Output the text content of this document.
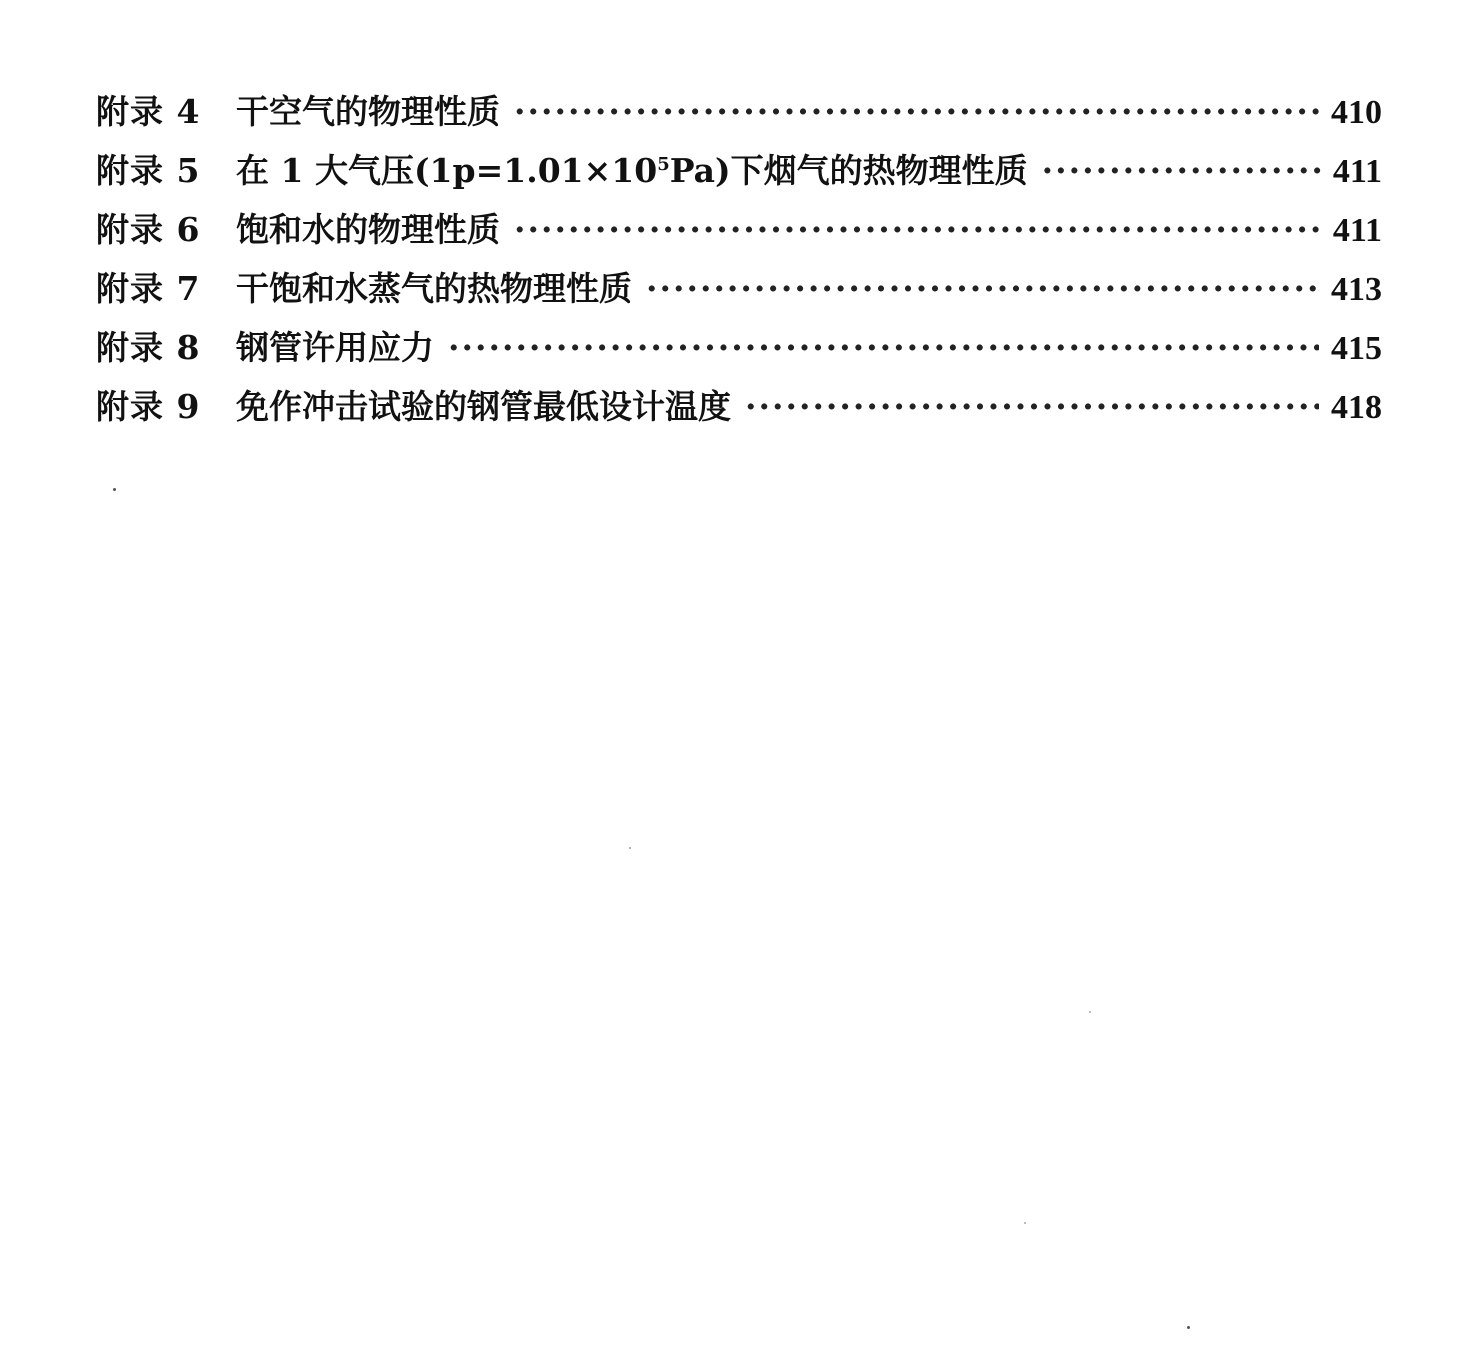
附录 4	干空气的物理性质 ·····	410
附录 5	在 1 大气压$(1p=1.01\times 10^5Pa)$下烟气的热物理性质 ·····	411
附录 6	饱和水的物理性质 ·····	411
附录 7	干饱和水蒸气的热物理性质 ·····	413
附录 8	钢管许用应力 ·····	415
附录 9	免作冲击试验的钢管最低设计温度 ·····	418
